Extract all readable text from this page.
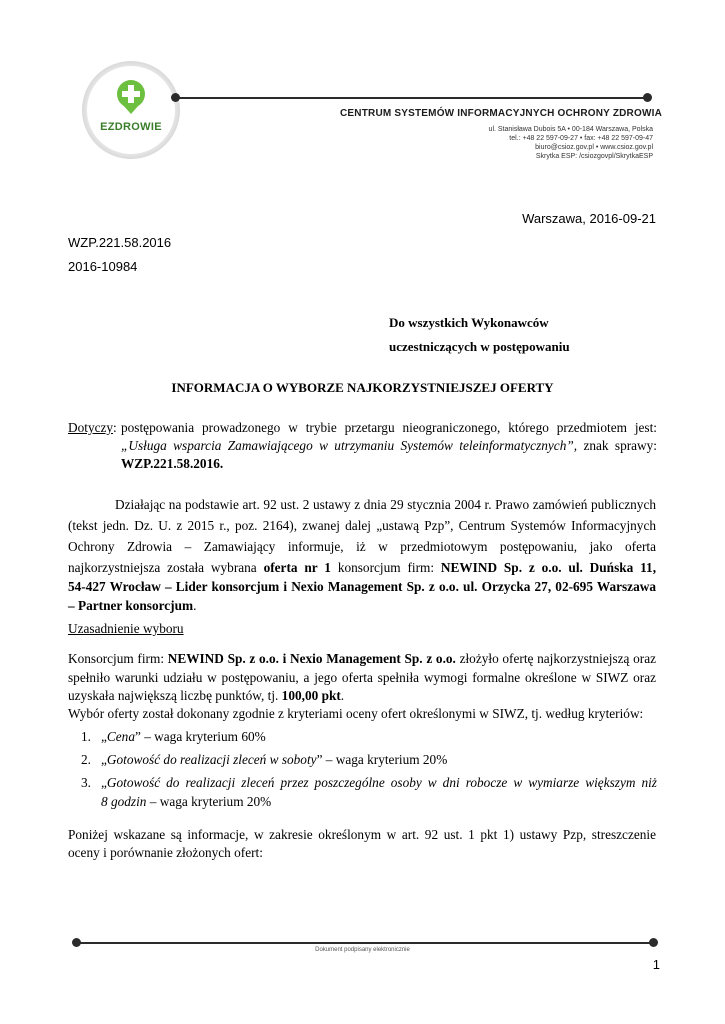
EZDROWIE
CENTRUM SYSTEMÓW INFORMACYJNYCH OCHRONY ZDROWIA
ul. Stanisława Dubois 5A • 00-184 Warszawa, Polska
tel.: +48 22 597-09-27 • fax: +48 22 597-09-47
biuro@csioz.gov.pl • www.csioz.gov.pl
Skrytka ESP: /csiozgovpl/SkrytkaESP
Warszawa, 2016-09-21
WZP.221.58.2016
2016-10984
Do wszystkich Wykonawców
uczestniczących w postępowaniu
INFORMACJA O WYBORZE NAJKORZYSTNIEJSZEJ OFERTY
Dotyczy: postępowania prowadzonego w trybie przetargu nieograniczonego, którego przedmiotem jest:
„Usługa wsparcia Zamawiającego w utrzymaniu Systemów teleinformatycznych”, znak sprawy:
WZP.221.58.2016.
Działając na podstawie art. 92 ust. 2 ustawy z dnia 29 stycznia 2004 r. Prawo zamówień publicznych
(tekst jedn. Dz. U. z 2015 r., poz. 2164), zwanej dalej „ustawą Pzp”, Centrum Systemów Informacyjnych
Ochrony Zdrowia – Zamawiający informuje, iż w przedmiotowym postępowaniu, jako oferta
najkorzystniejsza została wybrana oferta nr 1 konsorcjum firm: NEWIND Sp. z o.o. ul. Duńska 11,
54-427 Wrocław – Lider konsorcjum i Nexio Management Sp. z o.o. ul. Orzycka 27, 02-695 Warszawa
– Partner konsorcjum.
Uzasadnienie wyboru
Konsorcjum firm: NEWIND Sp. z o.o. i Nexio Management Sp. z o.o. złożyło ofertę najkorzystniejszą oraz
spełniło warunki udziału w postępowaniu, a jego oferta spełniła wymogi formalne określone w SIWZ oraz
uzyskała największą liczbę punktów, tj. 100,00 pkt.
Wybór oferty został dokonany zgodnie z kryteriami oceny ofert określonymi w SIWZ, tj. według kryteriów:
1. „Cena” – waga kryterium 60%
2. „Gotowość do realizacji zleceń w soboty” – waga kryterium 20%
3. „Gotowość do realizacji zleceń przez poszczególne osoby w dni robocze w wymiarze większym niż
8 godzin – waga kryterium 20%
Poniżej wskazane są informacje, w zakresie określonym w art. 92 ust. 1 pkt 1) ustawy Pzp, streszczenie
oceny i porównanie złożonych ofert:
Dokument podpisany elektronicznie
1
